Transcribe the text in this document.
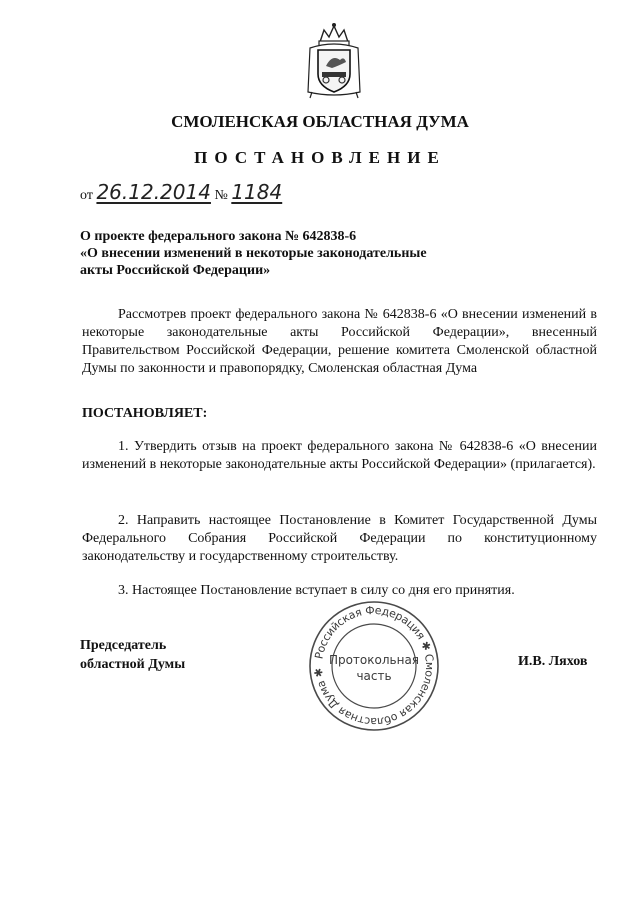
СМОЛЕНСКАЯ ОБЛАСТНАЯ ДУМА
ПОСТАНОВЛЕНИЕ
от 26.12.2014 № 1184
О проекте федерального закона № 642838-6
«О внесении изменений в некоторые законодательные
акты Российской Федерации»
Рассмотрев проект федерального закона № 642838-6 «О внесении изменений в некоторые законодательные акты Российской Федерации», внесенный Правительством Российской Федерации, решение комитета Смоленской областной Думы по законности и правопорядку, Смоленская областная Дума
ПОСТАНОВЛЯЕТ:
1. Утвердить отзыв на проект федерального закона № 642838-6 «О внесении изменений в некоторые законодательные акты Российской Федерации» (прилагается).
2. Направить настоящее Постановление в Комитет Государственной Думы Федерального Собрания Российской Федерации по конституционному законодательству и государственному строительству.
3. Настоящее Постановление вступает в силу со дня его принятия.
Председатель
областной Думы	И.В. Ляхов
Российская Федерация ✱ Смоленская областная Дума ✱
Протокольная
часть
